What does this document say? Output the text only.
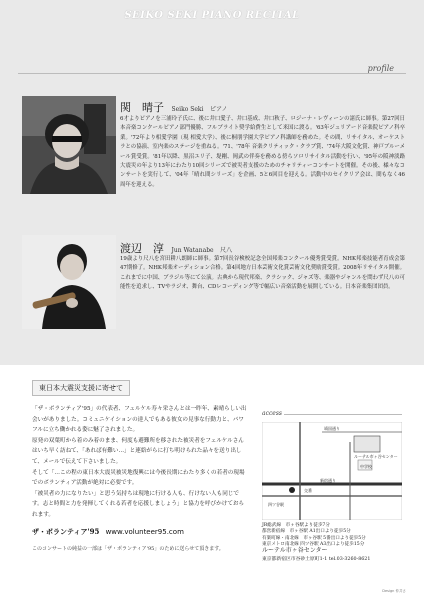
SEIKO SEKI PIANO RECITAL
profile
関　晴子 Seiko Seki ピアノ
6才よりピアノを三浦玲子氏に、後に井口愛子、井口基成、井口秋子、ロジーナ・レヴィーンの諸氏に師事。第27回日本音楽コンクールピアノ部門優勝、フルブライト奨学給費生として米国に渡る。'63年ジュリアード音楽院ピアノ科卒業。'72年より相愛学園（現 相愛大学）、後に桐朋学園大学ピアノ科講師を務めた。その間、リサイタル、オーケストラとの協演、室内楽のステージを重ねる。'71、'78年 音楽クリティック・クラブ賞、'74年大阪文化賞、神戸ブルーメール賞受賞。'81年以降、黒沼ユリ子、堤剛、岡武の伴奏を務める傍らソロリサイタル活動を行い、'95年の阪神淡路大震災の年より13年にわたり10回シリーズで被災者支援のためのチャリティーコンサートを開催。その後、様々なコンサートを実行して、'04年「晴れ間シリーズ」を企画、5と6回目を迎える。活動中のセイクリア会は、間もなく46周年を迎える。
渡辺　淳 Jun Watanabe 尺八
19歳より尺八を宮田耕八朗師に師事。第7回長谷検校記念全国邦楽コンクール優秀賞受賞。NHK邦楽技能者育成会第47期修了。NHK邦楽オーディション合格。第4回地方日本芸術文化賞芸術文化奨励賞受賞。2008年リサイタル開催。これまでに中国、ブラジル等にて公演。古典から現代邦楽、クラシック、ジャズ等、楽器やジャンルを問わず尺八の可能性を追求し、TVやラジオ、舞台、CDレコーディング等で幅広い音楽活動を展開している。日本音楽集団団員。
東日本大震災支援に寄せて

「ザ・ボランティア'95」の代表者、フェルケル寿々栄さんとは一昨年、素晴らしい出会いがありました。コミュニケイションの達人でもある彼女の見事な行動力と、パワフルに立ち働かれる姿に魅了されました。

原発の双葉町から着のみ着のまま、何度も避難所を移された被災者をフェルケルさんはいち早く訪ねて、「あれば有難い…」と連絡がらに打ち明けられた品々を送り出して、メールで伝えて下さいました。

そして「…この程の東日本大震災被災地復興には今後長期にわたり多くの若者の現場でのボランティア活動が絶対に必要です。

「被災者の力になりたい」と思う気持ちは現地に行ける人も、行けない人も同じです。志と時間と力を発揮してくれる若者を応援しましょう」と協力を呼びかけておられます。

ザ・ボランティア'95 www.volunteer95.com
このコンサートの純益の一部は「ザ・ボランティア'95」のために送らせて頂きます。
access
四ツ谷駅
ルーテル市ヶ谷センター
新宿通り
靖国通り
交番
中学校
JR総武線　市ヶ谷駅より徒歩7分
都営新宿線　市ヶ谷駅 A1出口より徒歩5分
有楽町線・南北線　市ヶ谷駅 5番出口より徒歩5分
東京メトロ南北線 四ツ谷駅 A3出口より徒歩15分
ルーテル市ヶ谷センター
東京都新宿区市谷砂土原町1-1 tel.03-3260-8621
Design 仲井さ
